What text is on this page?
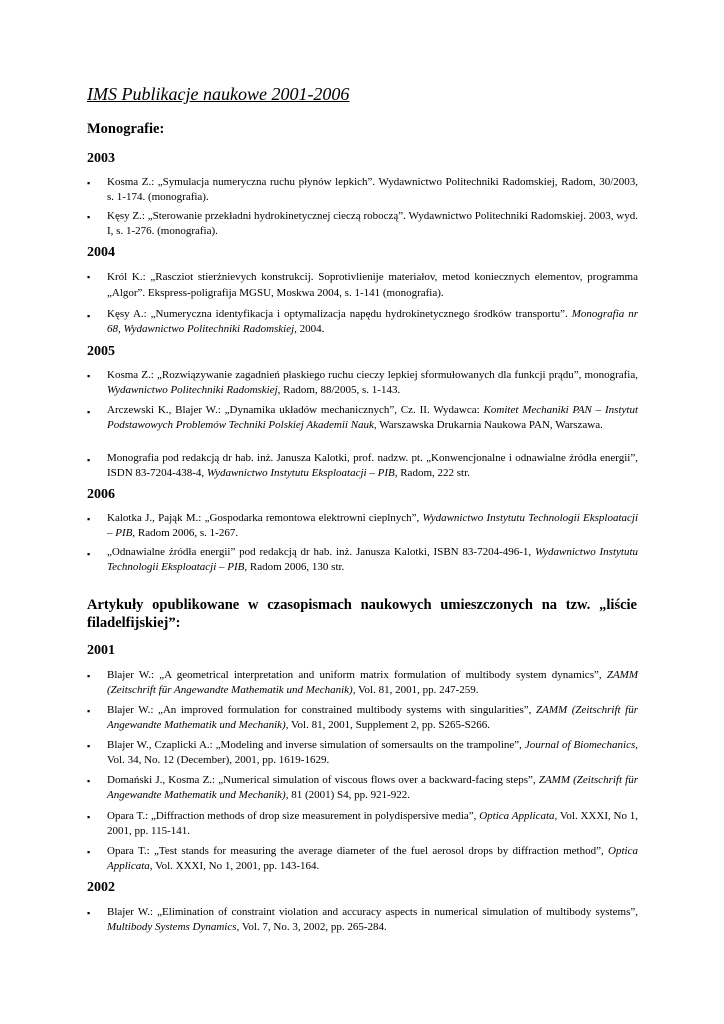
IMS Publikacje naukowe 2001-2006
Monografie:
2003
▪ Kosma Z.: „Symulacja numeryczna ruchu płynów lepkich”. Wydawnictwo Politechniki Radomskiej, Radom, 30/2003, s. 1-174. (monografia).
▪ Kęsy Z.: „Sterowanie przekładni hydrokinetycznej cieczą roboczą”. Wydawnictwo Politechniki Radomskiej. 2003, wyd. I, s. 1-276. (monografia).
2004
▪ Król K.: „Rasczіot stierżnievych konstrukcij. Soprotivlienije materiałov, metod koniecznych elementov, programma „Algor”. Ekspress-poligrafija MGSU, Moskwa 2004, s. 1-141 (monografia).
▪ Kęsy A.: „Numeryczna identyfikacja i optymalizacja napędu hydrokinetycznego środków transportu”. Monografia nr 68, Wydawnictwo Politechniki Radomskiej, 2004.
2005
▪ Kosma Z.: „Rozwiązywanie zagadnień płaskiego ruchu cieczy lepkiej sformułowanych dla funkcji prądu”, monografia, Wydawnictwo Politechniki Radomskiej, Radom, 88/2005, s. 1-143.
▪ Arczewski K., Blajer W.: „Dynamika układów mechanicznych”, Cz. II. Wydawca: Komitet Mechaniki PAN – Instytut Podstawowych Problemów Techniki Polskiej Akademii Nauk, Warszawska Drukarnia Naukowa PAN, Warszawa.
▪ Monografia pod redakcją dr hab. inż. Janusza Kalotki, prof. nadzw. pt. „Konwencjonalne i odnawialne źródła energii”, ISDN 83-7204-438-4, Wydawnictwo Instytutu Eksploatacji – PIB, Radom, 222 str.
2006
▪ Kalotka J., Pająk M.: „Gospodarka remontowa elektrowni cieplnych”, Wydawnictwo Instytutu Technologii Eksploatacji – PIB, Radom 2006, s. 1-267.
▪ „Odnawialne źródła energii” pod redakcją dr hab. inż. Janusza Kalotki, ISBN 83-7204-496-1, Wydawnictwo Instytutu Technologii Eksploatacji – PIB, Radom 2006, 130 str.
Artykuły opublikowane w czasopismach naukowych umieszczonych na tzw. „liście filadelfijskiej”:
2001
▪ Blajer W.: „A geometrical interpretation and uniform matrix formulation of multibody system dynamics”, ZAMM (Zeitschrift für Angewandte Mathematik und Mechanik), Vol. 81, 2001, pp. 247-259.
▪ Blajer W.: „An improved formulation for constrained multibody systems with singularities”, ZAMM (Zeitschrift für Angewandte Mathematik und Mechanik), Vol. 81, 2001, Supplement 2, pp. S265-S266.
▪ Blajer W., Czaplicki A.: „Modeling and inverse simulation of somersaults on the trampoline”, Journal of Biomechanics, Vol. 34, No. 12 (December), 2001, pp. 1619-1629.
▪ Domański J., Kosma Z.: „Numerical simulation of viscous flows over a backward-facing steps”, ZAMM (Zeitschrift für Angewandte Mathematik und Mechanik), 81 (2001) S4, pp. 921-922.
▪ Opara T.: „Diffraction methods of drop size measurement in polydispersive media”, Optica Applicata, Vol. XXXI, No 1, 2001, pp. 115-141.
▪ Opara T.: „Test stands for measuring the average diameter of the fuel aerosol drops by diffraction method”, Optica Applicata, Vol. XXXI, No 1, 2001, pp. 143-164.
2002
▪ Blajer W.: „Elimination of constraint violation and accuracy aspects in numerical simulation of multibody systems”, Multibody Systems Dynamics, Vol. 7, No. 3, 2002, pp. 265-284.
